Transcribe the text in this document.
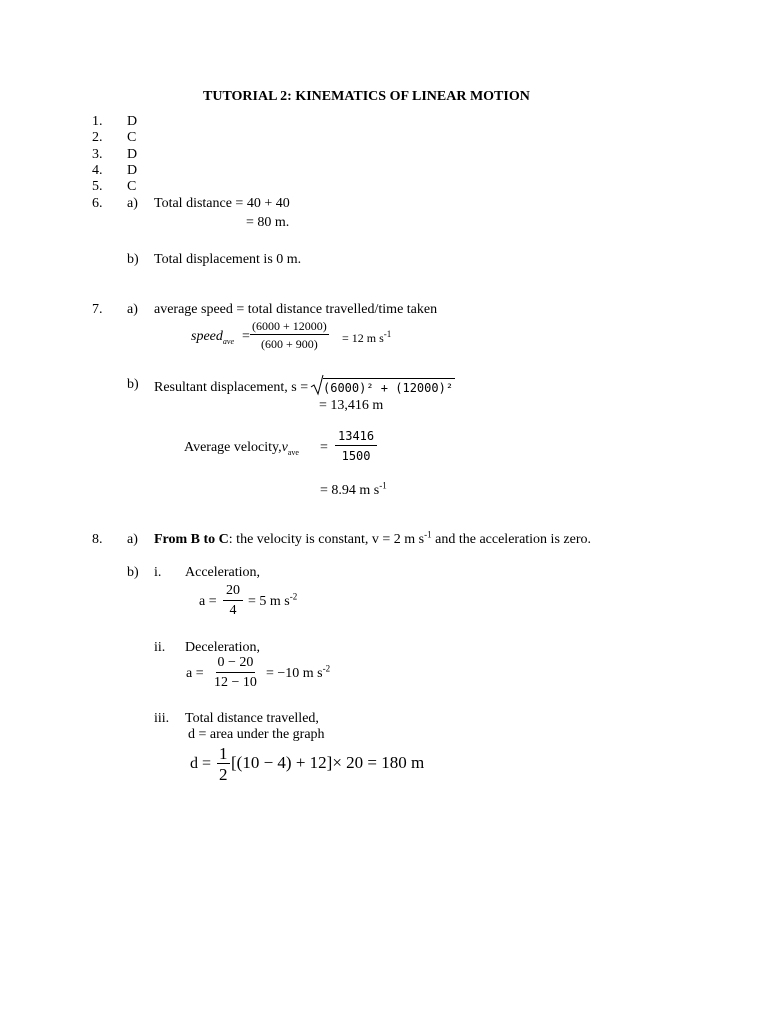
TUTORIAL 2: KINEMATICS OF LINEAR MOTION
1. D
2. C
3. D
4. D
5. C
6. a) Total distance = 40 + 40
= 80 m.
b) Total displacement is 0 m.
7. a) average speed = total distance travelled/time taken
speed$_{ave}$ = $\frac{(6000 + 12000)}{(600 + 900)} = 12$ m $s^{-1}$
b) Resultant displacement, s = (6000)² + (12000)²
= 13,416 m
Average $velocity,v_{ave} = \frac{13416}{1500}$
= 8.94 m $s^{-1}$
8. a) From B to C: the velocity is constant, v = 2 m $s^{-1}$ and the acceleration is zero.
b) i. Acceleration,
$a = \frac{20}{4} = 5$ m $s^{-2}$
ii. Deceleration,
$a = \frac{0 - 20}{12 - 10} = -10$ m $s^{-2}$
iii. Total distance travelled,
d = area under the graph
$d = \frac{1}{2} [(10 - 4) + 12]\times 20 = 180$ m
